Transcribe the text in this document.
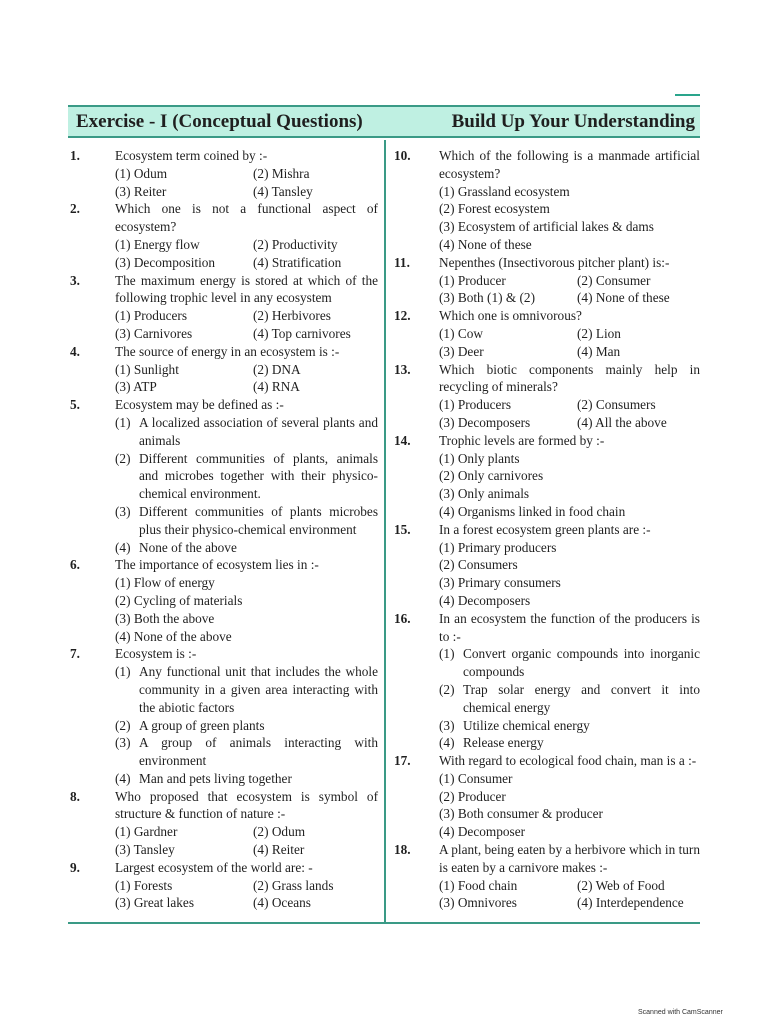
Exercise - I (Conceptual Questions)	Build Up Your Understanding
1.	Ecosystem term coined by :-
(1) Odum	(2) Mishra
(3) Reiter	(4) Tansley
2.	Which one is not a functional aspect of ecosystem?
(1) Energy flow	(2) Productivity
(3) Decomposition	(4) Stratification
3.	The maximum energy is stored at which of the following trophic level in any ecosystem
(1) Producers	(2) Herbivores
(3) Carnivores	(4) Top carnivores
4.	The source of energy in an ecosystem is :-
(1) Sunlight	(2) DNA
(3) ATP	(4) RNA
5.	Ecosystem may be defined as :-
(1) A localized association of several plants and animals
(2) Different communities of plants, animals and microbes together with their physico-chemical environment.
(3) Different communities of plants microbes plus their physico-chemical environment
(4) None of the above
6.	The importance of ecosystem lies in :-
(1) Flow of energy
(2) Cycling of materials
(3) Both the above
(4) None of the above
7.	Ecosystem is :-
(1) Any functional unit that includes the whole community in a given area interacting with the abiotic factors
(2) A group of green plants
(3) A group of animals interacting with environment
(4) Man and pets living together
8.	Who proposed that ecosystem is symbol of structure & function of nature :-
(1) Gardner	(2) Odum
(3) Tansley	(4) Reiter
9.	Largest ecosystem of the world are: -
(1) Forests	(2) Grass lands
(3) Great lakes	(4) Oceans
10.	Which of the following is a manmade artificial ecosystem?
(1) Grassland ecosystem
(2) Forest ecosystem
(3) Ecosystem of artificial lakes & dams
(4) None of these
11.	Nepenthes (Insectivorous pitcher plant) is:-
(1) Producer	(2) Consumer
(3) Both (1) & (2)	(4) None of these
12.	Which one is omnivorous?
(1) Cow	(2) Lion
(3) Deer	(4) Man
13.	Which biotic components mainly help in recycling of minerals?
(1) Producers	(2) Consumers
(3) Decomposers	(4) All the above
14.	Trophic levels are formed by :-
(1) Only plants
(2) Only carnivores
(3) Only animals
(4) Organisms linked in food chain
15.	In a forest ecosystem green plants are :-
(1) Primary producers
(2) Consumers
(3) Primary consumers
(4) Decomposers
16.	In an ecosystem the function of the producers is to :-
(1) Convert organic compounds into inorganic compounds
(2) Trap solar energy and convert it into chemical energy
(3) Utilize chemical energy
(4) Release energy
17.	With regard to ecological food chain, man is a :-
(1) Consumer
(2) Producer
(3) Both consumer & producer
(4) Decomposer
18.	A plant, being eaten by a herbivore which in turn is eaten by a carnivore makes :-
(1) Food chain	(2) Web of Food
(3) Omnivores	(4) Interdependence
Scanned with CamScanner
